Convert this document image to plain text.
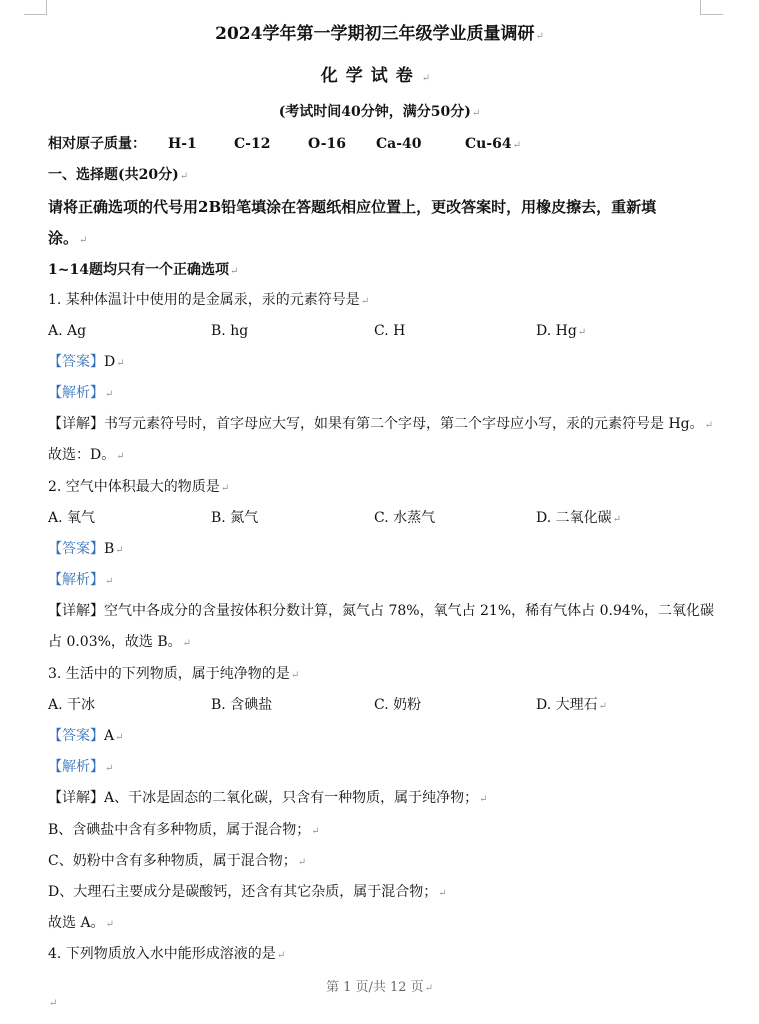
2024学年第一学期初三年级学业质量调研↵
化学试卷↵
(考试时间40分钟，满分50分)↵
相对原子质量： H-1	C-12	O-16 Ca-40	Cu-64↵
一、选择题(共20分)↵
请将正确选项的代号用2B铅笔填涂在答题纸相应位置上，更改答案时，用橡皮擦去，重新填
涂。↵
1~14题均只有一个正确选项↵
1. 某种体温计中使用的是金属汞，汞的元素符号是↵
A. Ag	B. hg	C. H	D. Hg↵
【答案】D↵
【解析】↵
【详解】书写元素符号时，首字母应大写，如果有第二个字母，第二个字母应小写，汞的元素符号是 Hg。↵
故选：D。↵
2. 空气中体积最大的物质是↵
A. 氧气	B. 氮气	C. 水蒸气	D. 二氧化碳↵
【答案】B↵
【解析】↵
【详解】空气中各成分的含量按体积分数计算，氮气占 78%，氧气占 21%，稀有气体占 0.94%，二氧化碳
占 0.03%，故选 B。↵
3. 生活中的下列物质，属于纯净物的是↵
A. 干冰	B. 含碘盐	C. 奶粉	D. 大理石↵
【答案】A↵
【解析】↵
【详解】A、干冰是固态的二氧化碳，只含有一种物质，属于纯净物；↵
B、含碘盐中含有多种物质，属于混合物；↵
C、奶粉中含有多种物质，属于混合物；↵
D、大理石主要成分是碳酸钙，还含有其它杂质，属于混合物；↵
故选 A。↵
4. 下列物质放入水中能形成溶液的是↵
第 1 页/共 12 页↵
↵
